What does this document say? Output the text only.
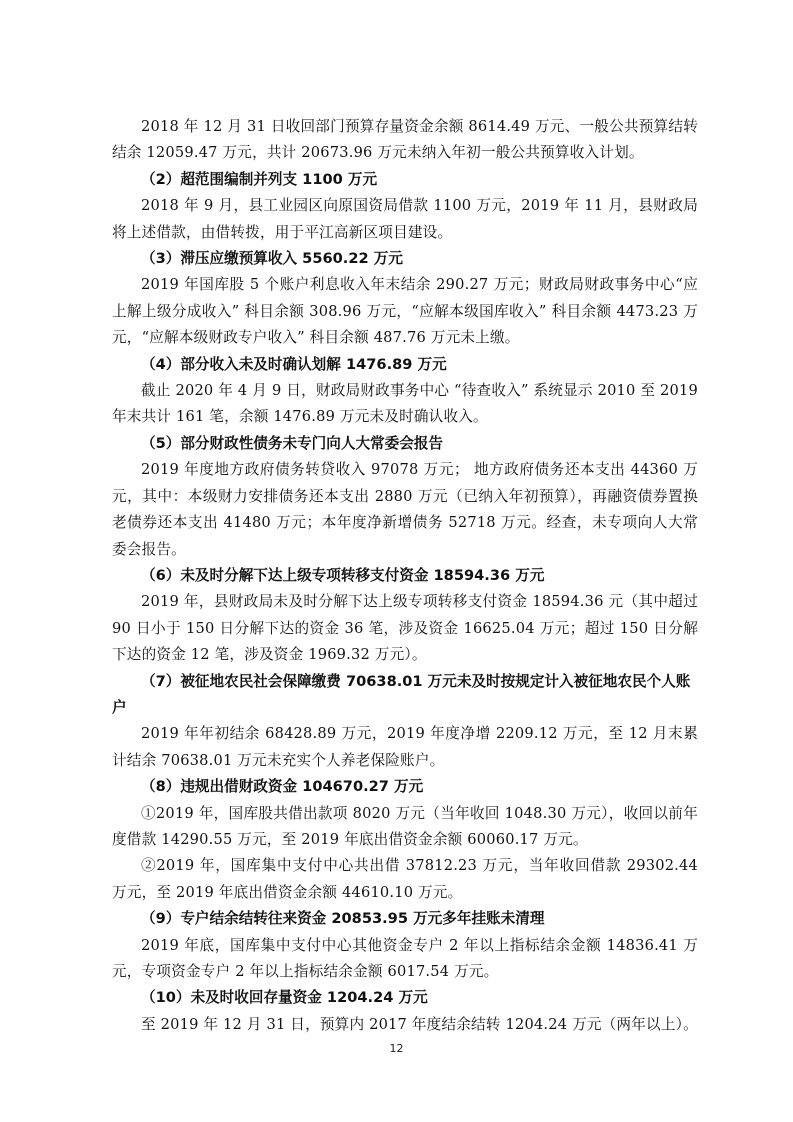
2018 年 12 月 31 日收回部门预算存量资金余额 8614.49 万元、一般公共预算结转结余 12059.47 万元，共计 20673.96 万元未纳入年初一般公共预算收入计划。

（2）超范围编制并列支 1100 万元

2018 年 9 月，县工业园区向原国资局借款 1100 万元，2019 年 11 月，县财政局将上述借款，由借转拨，用于平江高新区项目建设。

（3）滞压应缴预算收入 5560.22 万元

2019 年国库股 5 个账户利息收入年末结余 290.27 万元；财政局财政事务中心“应上解上级分成收入” 科目余额 308.96 万元，“应解本级国库收入” 科目余额 4473.23 万元，“应解本级财政专户收入” 科目余额 487.76 万元未上缴。

（4）部分收入未及时确认划解 1476.89 万元

截止 2020 年 4 月 9 日，财政局财政事务中心 “待查收入” 系统显示 2010 至 2019 年末共计 161 笔，余额 1476.89 万元未及时确认收入。

（5）部分财政性债务未专门向人大常委会报告

2019 年度地方政府债务转贷收入 97078 万元； 地方政府债务还本支出 44360 万元，其中：本级财力安排债务还本支出 2880 万元（已纳入年初预算），再融资债券置换老债券还本支出 41480 万元；本年度净新增债务 52718 万元。经查，未专项向人大常委会报告。

（6）未及时分解下达上级专项转移支付资金 18594.36 万元

2019 年，县财政局未及时分解下达上级专项转移支付资金 18594.36 元（其中超过 90 日小于 150 日分解下达的资金 36 笔，涉及资金 16625.04 万元；超过 150 日分解下达的资金 12 笔，涉及资金 1969.32 万元）。

（7）被征地农民社会保障缴费 70638.01 万元未及时按规定计入被征地农民个人账户

2019 年年初结余 68428.89 万元，2019 年度净增 2209.12 万元，至 12 月末累计结余 70638.01 万元未充实个人养老保险账户。

（8）违规出借财政资金 104670.27 万元

①2019 年，国库股共借出款项 8020 万元（当年收回 1048.30 万元），收回以前年度借款 14290.55 万元，至 2019 年底出借资金余额 60060.17 万元。

②2019 年，国库集中支付中心共出借 37812.23 万元，当年收回借款 29302.44 万元，至 2019 年底出借资金余额 44610.10 万元。

（9）专户结余结转往来资金 20853.95 万元多年挂账未清理

2019 年底，国库集中支付中心其他资金专户 2 年以上指标结余金额 14836.41 万元，专项资金专户 2 年以上指标结余金额 6017.54 万元。

（10）未及时收回存量资金 1204.24 万元

至 2019 年 12 月 31 日，预算内 2017 年度结余结转 1204.24 万元（两年以上）。

12
